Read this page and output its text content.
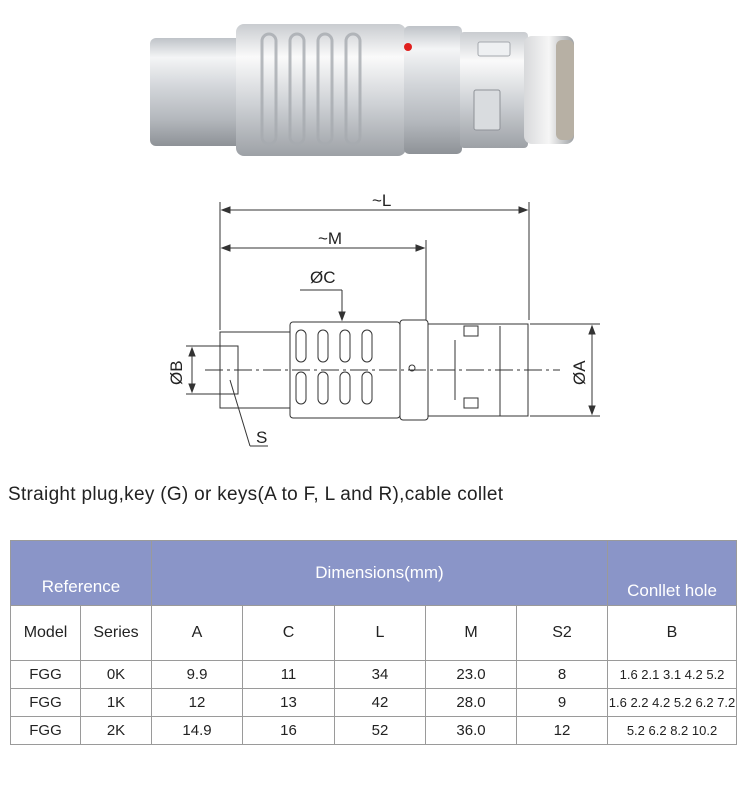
~L
~M
ØC
ØB	ØA
S
Straight plug,key (G) or keys(A to F, L and R),cable collet
Reference		Dimensions(mm)					Conllet hole
Model	Series	A	C	L	M	S2	B
FGG	0K	9.9	11	34	23.0	8	1.6 2.1 3.1 4.2 5.2
FGG	1K	12	13	42	28.0	9	1.6 2.2 4.2 5.2 6.2 7.2
FGG	2K	14.9	16	52	36.0	12	5.2 6.2 8.2 10.2
